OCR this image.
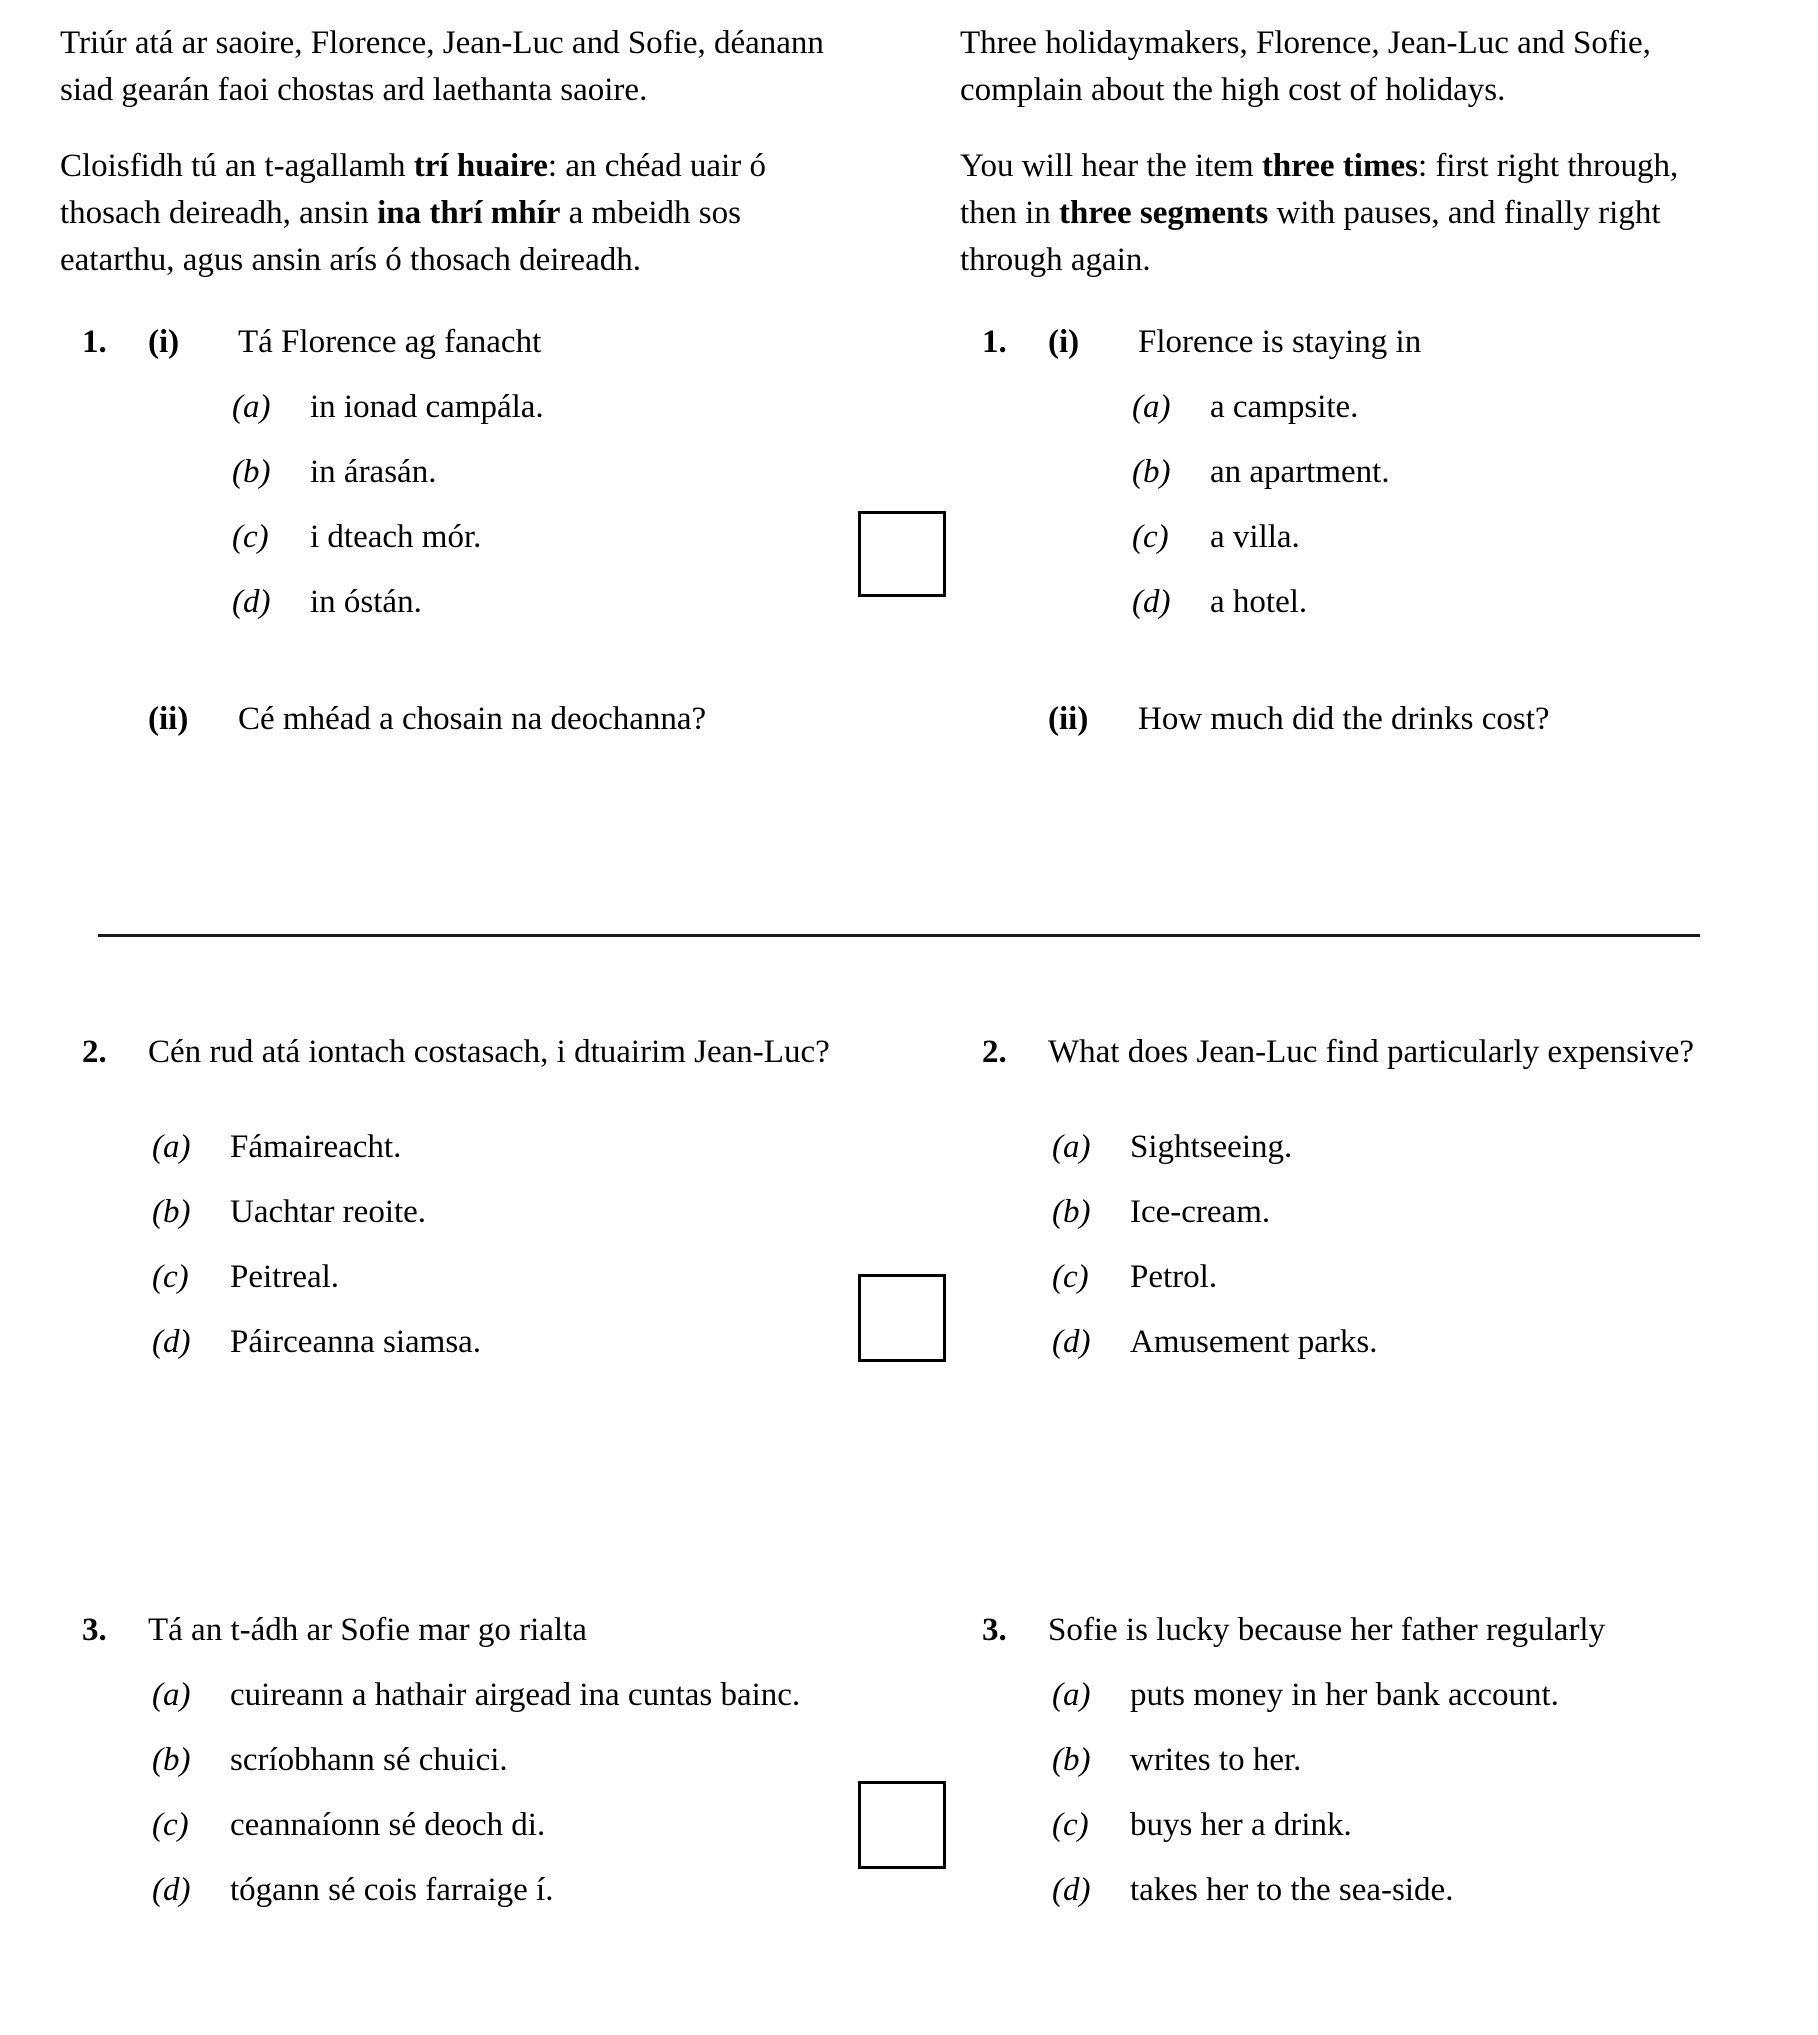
Triúr atá ar saoire, Florence, Jean-Luc and Sofie, déanann siad gearán faoi chostas ard laethanta saoire.
Cloisfidh tú an t-agallamh trí huaire: an chéad uair ó thosach deireadh, ansin ina thrí mhír a mbeidh sos eatarthu, agus ansin arís ó thosach deireadh.
1. (i) Tá Florence ag fanacht
(a) in ionad campála.
(b) in árasán.
(c) i dteach mór.
(d) in óstán.
(ii) Cé mhéad a chosain na deochanna?
2. Cén rud atá iontach costasach, i dtuairim Jean-Luc?
(a) Fámaireacht.
(b) Uachtar reoite.
(c) Peitreal.
(d) Páirceanna siamsa.
3. Tá an t-ádh ar Sofie mar go rialta
(a) cuireann a hathair airgead ina cuntas bainc.
(b) scríobhann sé chuici.
(c) ceannaíonn sé deoch di.
(d) tógann sé cois farraige í.
Three holidaymakers, Florence, Jean-Luc and Sofie, complain about the high cost of holidays.
You will hear the item three times: first right through, then in three segments with pauses, and finally right through again.
1. (i) Florence is staying in
(a) a campsite.
(b) an apartment.
(c) a villa.
(d) a hotel.
(ii) How much did the drinks cost?
2. What does Jean-Luc find particularly expensive?
(a) Sightseeing.
(b) Ice-cream.
(c) Petrol.
(d) Amusement parks.
3. Sofie is lucky because her father regularly
(a) puts money in her bank account.
(b) writes to her.
(c) buys her a drink.
(d) takes her to the sea-side.
